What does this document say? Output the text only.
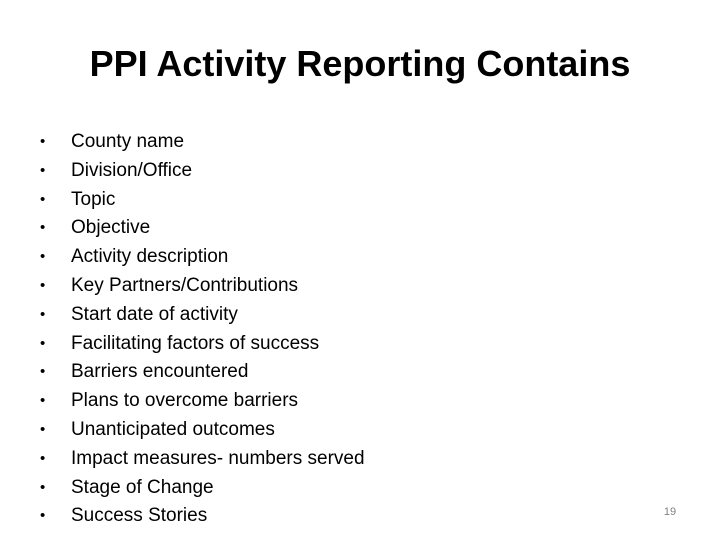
PPI Activity Reporting Contains
•	County name
•	Division/Office
•	Topic
•	Objective
•	Activity description
•	Key Partners/Contributions
•	Start date of activity
•	Facilitating factors of success
•	Barriers encountered
•	Plans to overcome barriers
•	Unanticipated outcomes
•	Impact measures- numbers served
•	Stage of Change
•	Success Stories	19
